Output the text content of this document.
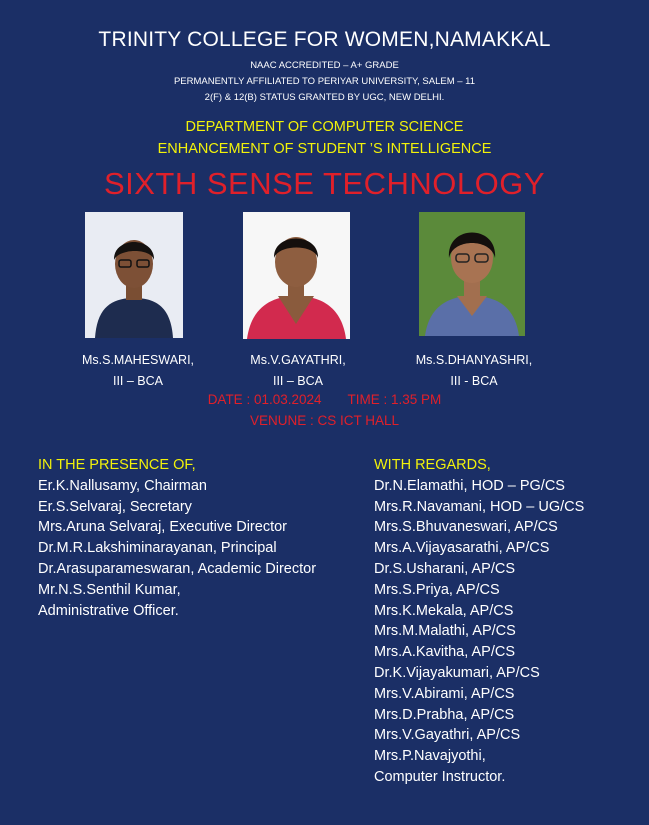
TRINITY COLLEGE FOR WOMEN,NAMAKKAL
NAAC ACCREDITED – A+ GRADE
PERMANENTLY AFFILIATED TO PERIYAR UNIVERSITY, SALEM – 11
2(F) & 12(B) STATUS GRANTED BY UGC, NEW DELHI.
DEPARTMENT OF COMPUTER SCIENCE
ENHANCEMENT OF STUDENT ’S INTELLIGENCE
SIXTH SENSE TECHNOLOGY
Ms.S.MAHESWARI,
III – BCA
Ms.V.GAYATHRI,
III – BCA
Ms.S.DHANYASHRI,
III - BCA
DATE : 01.03.2024 TIME : 1.35 PM
VENUNE : CS ICT HALL
IN THE PRESENCE OF,
Er.K.Nallusamy, Chairman
Er.S.Selvaraj, Secretary
Mrs.Aruna Selvaraj, Executive Director
Dr.M.R.Lakshiminarayanan, Principal
Dr.Arasuparameswaran, Academic Director
Mr.N.S.Senthil Kumar,
Administrative Officer.
WITH REGARDS,
Dr.N.Elamathi, HOD – PG/CS
Mrs.R.Navamani, HOD – UG/CS
Mrs.S.Bhuvaneswari, AP/CS
Mrs.A.Vijayasarathi, AP/CS
Dr.S.Usharani, AP/CS
Mrs.S.Priya, AP/CS
Mrs.K.Mekala, AP/CS
Mrs.M.Malathi, AP/CS
Mrs.A.Kavitha, AP/CS
Dr.K.Vijayakumari, AP/CS
Mrs.V.Abirami, AP/CS
Mrs.D.Prabha, AP/CS
Mrs.V.Gayathri, AP/CS
Mrs.P.Navajyothi,
Computer Instructor.
